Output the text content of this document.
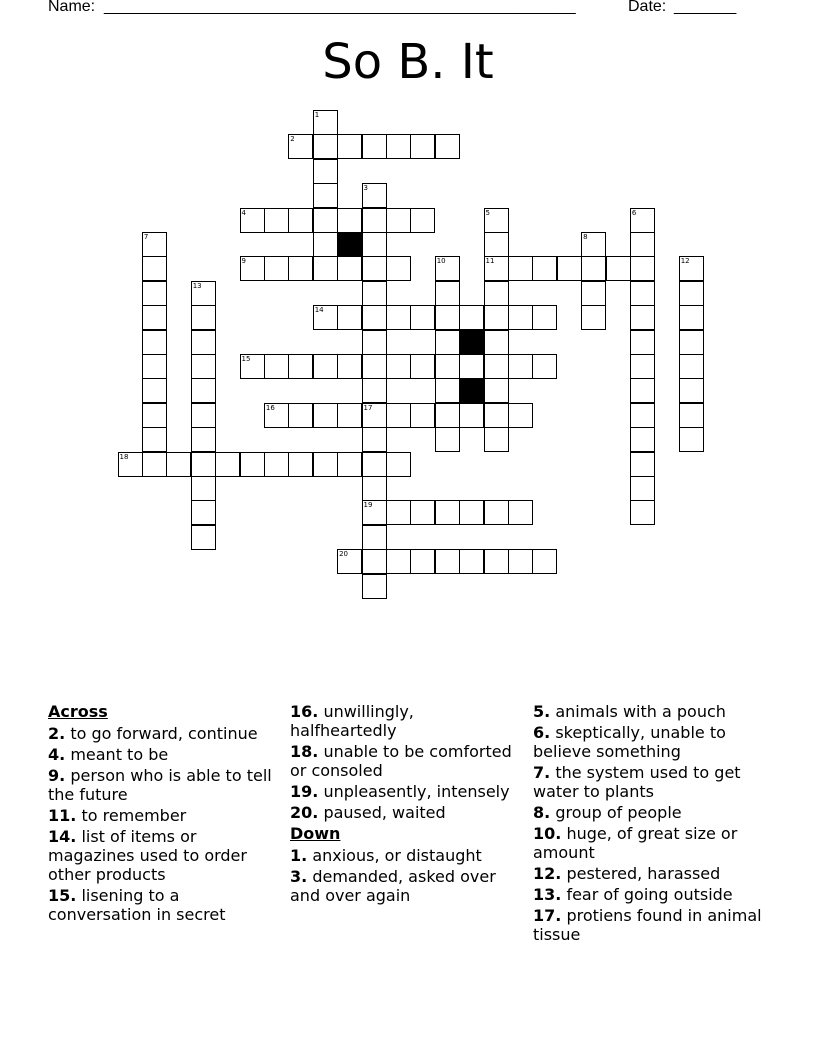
Name: _____________________________________________________	Date: _______
So B. It
1
2
3
17
4	5
11
6
7	8
9	10	12
13
14
15
16
19
18
20
Across
2. to go forward, continue
4. meant to be
9. person who is able to tell the future
11. to remember
14. list of items or magazines used to order other products
15. lisening to a conversation in secret
16. unwillingly, halfheartedly
18. unable to be comforted or consoled
19. unpleasently, intensely
20. paused, waited
Down
1. anxious, or distaught
3. demanded, asked over and over again
5. animals with a pouch
6. skeptically, unable to believe something
7. the system used to get water to plants
8. group of people
10. huge, of great size or amount
12. pestered, harassed
13. fear of going outside
17. protiens found in animal tissue
